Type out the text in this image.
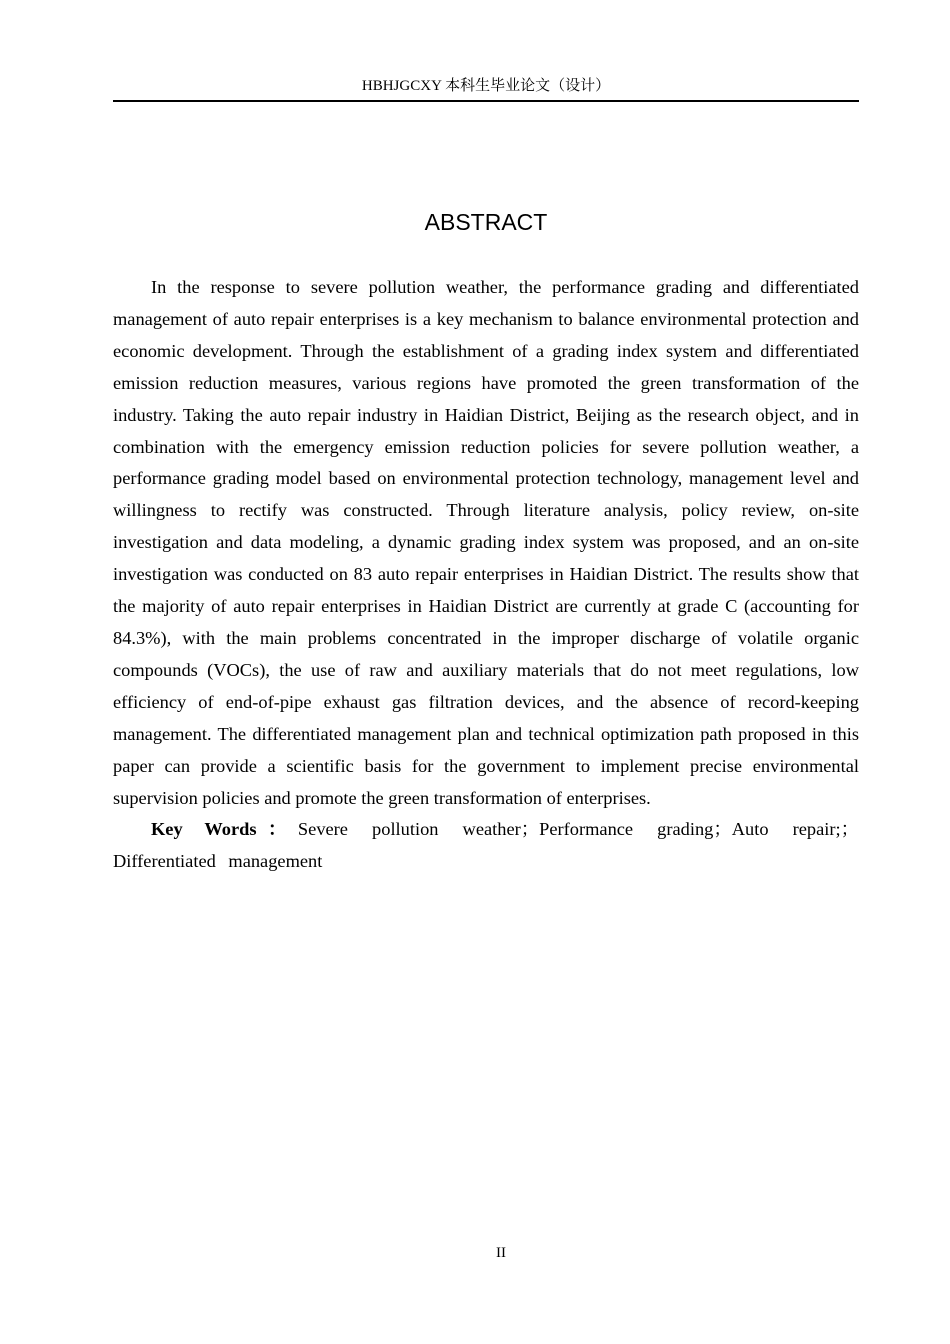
HBHJGCXY 本科生毕业论文（设计）
ABSTRACT

In the response to severe pollution weather, the performance grading and differentiated management of auto repair enterprises is a key mechanism to balance environmental protection and economic development. Through the establishment of a grading index system and differentiated emission reduction measures, various regions have promoted the green transformation of the industry. Taking the auto repair industry in Haidian District, Beijing as the research object, and in combination with the emergency emission reduction policies for severe pollution weather, a performance grading model based on environmental protection technology, management level and willingness to rectify was constructed. Through literature analysis, policy review, on-site investigation and data modeling, a dynamic grading index system was proposed, and an on-site investigation was conducted on 83 auto repair enterprises in Haidian District. The results show that the majority of auto repair enterprises in Haidian District are currently at grade C (accounting for 84.3%), with the main problems concentrated in the improper discharge of volatile organic compounds (VOCs), the use of raw and auxiliary materials that do not meet regulations, low efficiency of end-of-pipe exhaust gas filtration devices, and the absence of record-keeping management. The differentiated management plan and technical optimization path proposed in this paper can provide a scientific basis for the government to implement precise environmental supervision policies and promote the green transformation of enterprises.

Key Words：Severe pollution weather；Performance grading；Auto repair;；Differentiated management

II
